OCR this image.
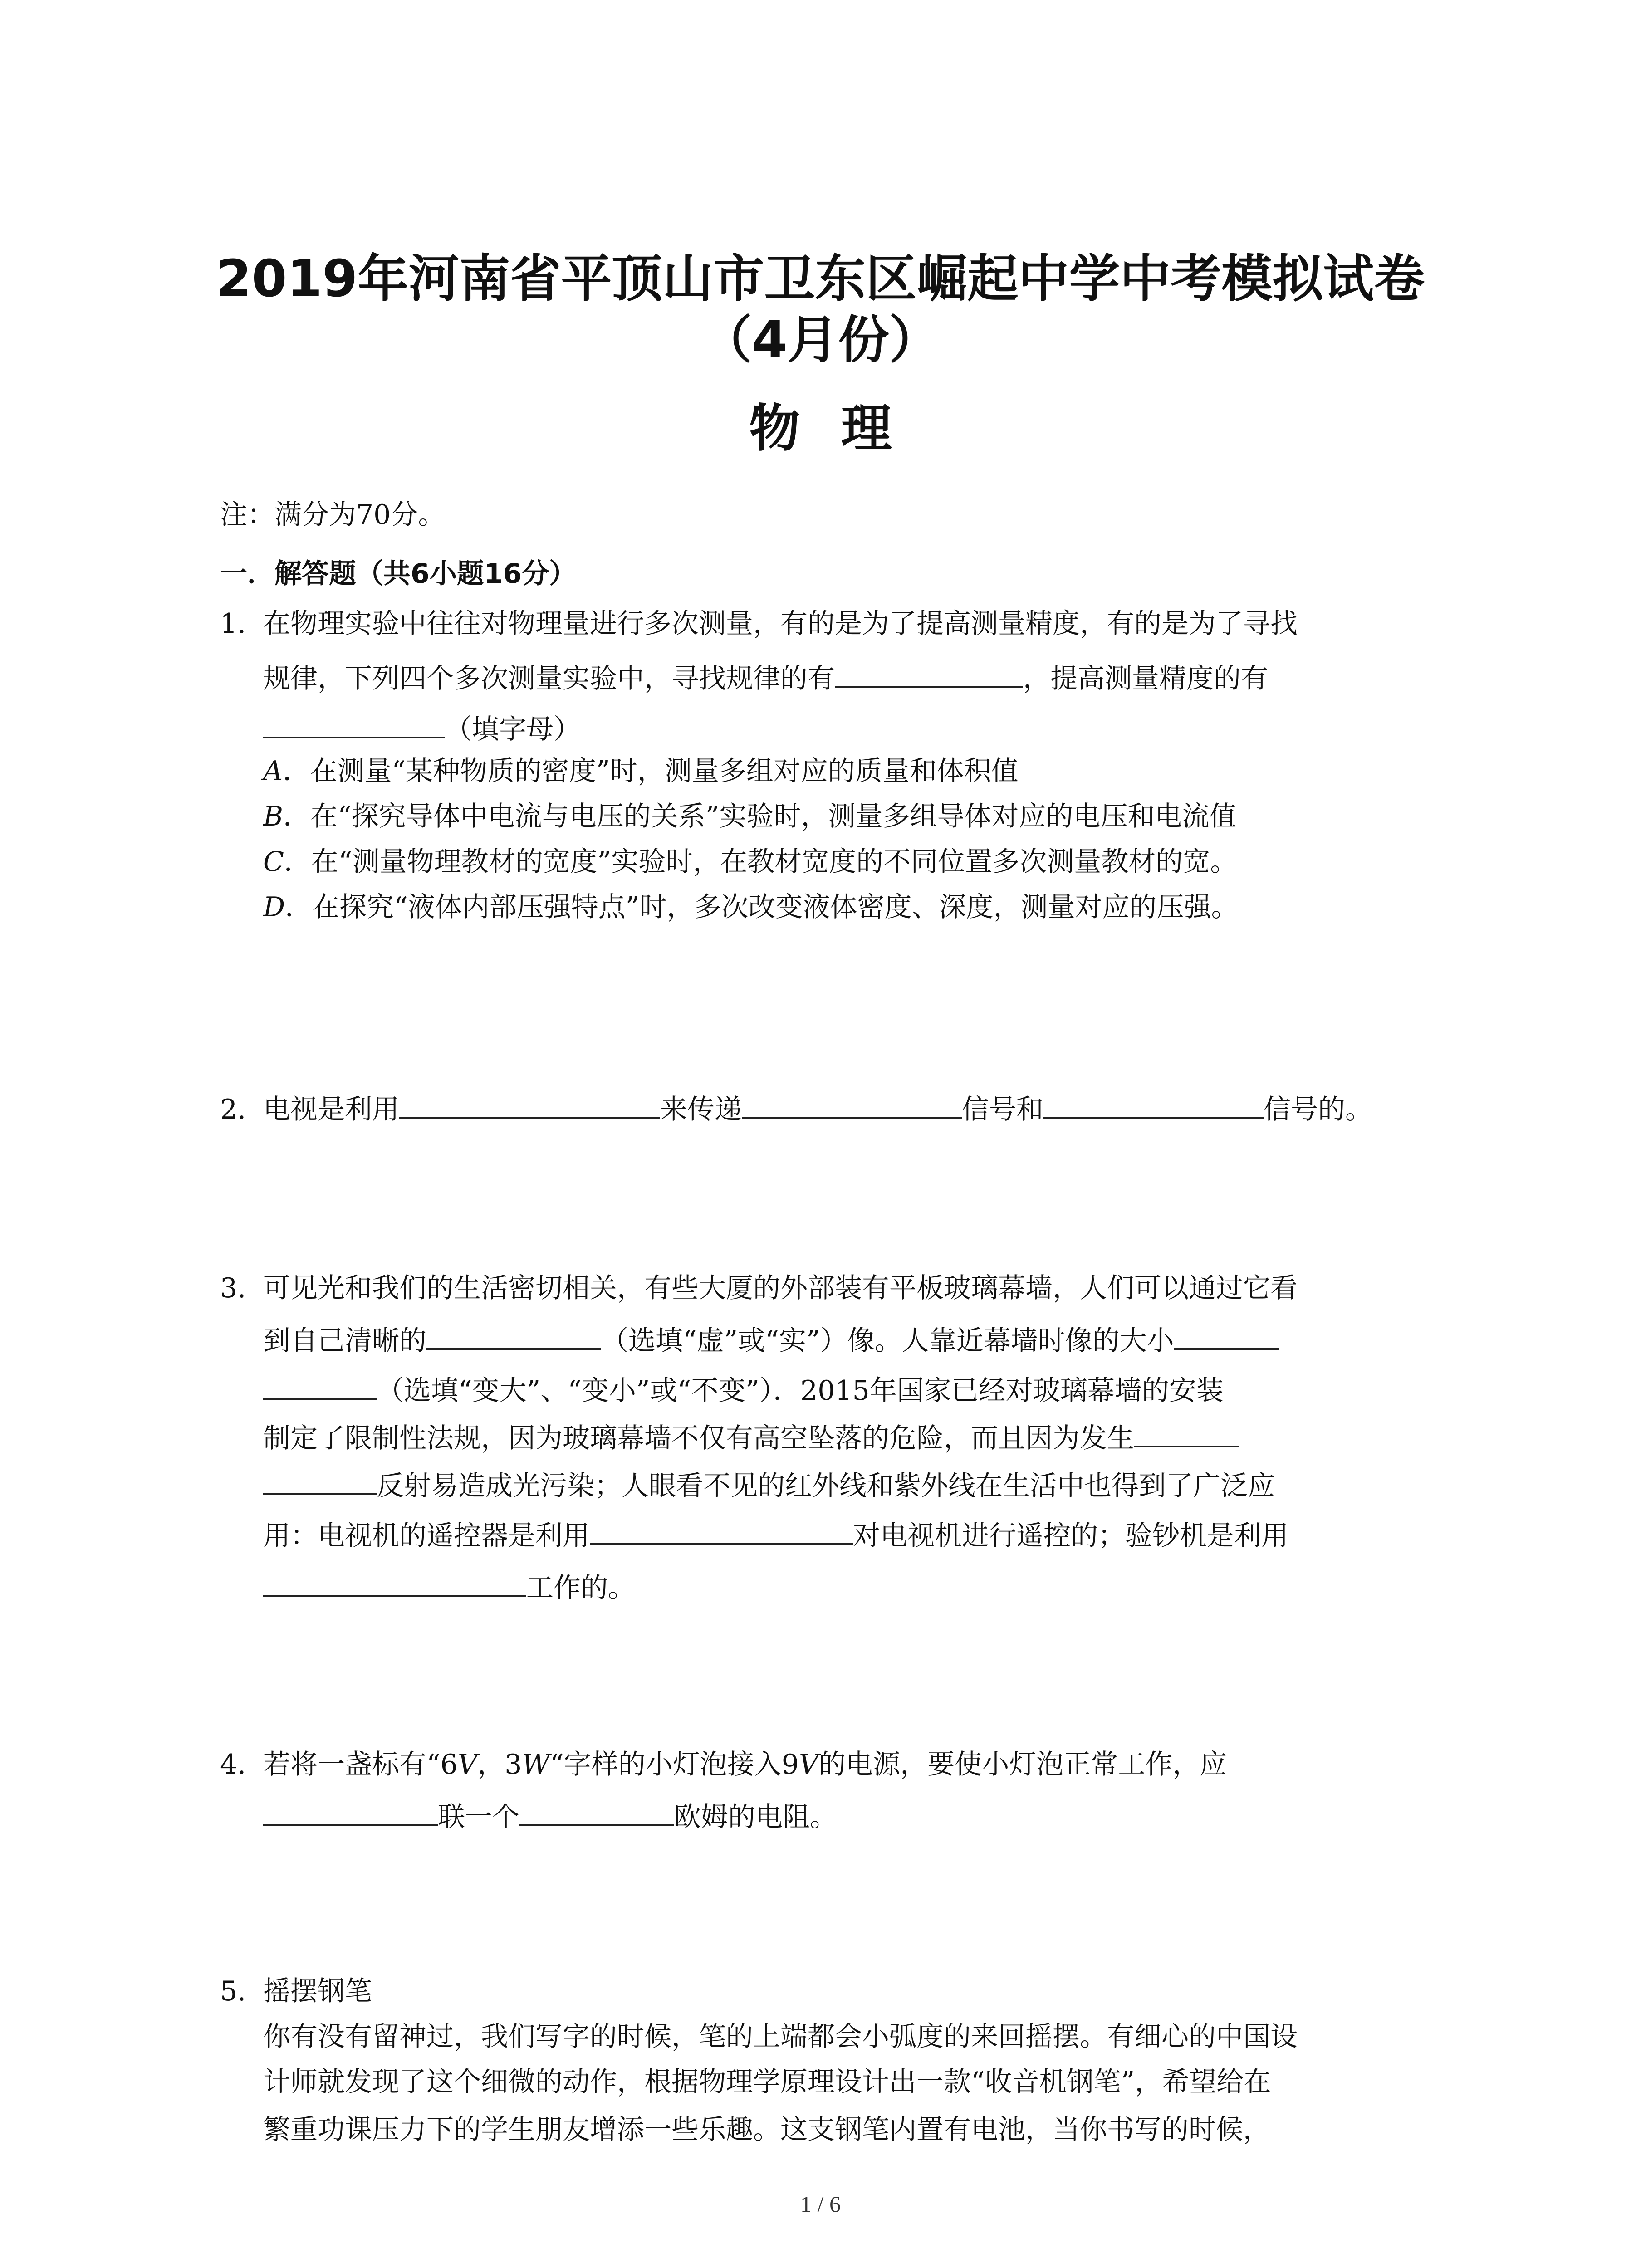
2019年河南省平顶山市卫东区崛起中学中考模拟试卷
（4月份）
物理
注：满分为70分。
一．解答题（共6小题16分）
1. 在物理实验中往往对物理量进行多次测量，有的是为了提高测量精度，有的是为了寻找
规律，下列四个多次测量实验中，寻找规律的有	，提高测量精度的有
（填字母）
A．在测量“某种物质的密度”时，测量多组对应的质量和体积值
B．在“探究导体中电流与电压的关系”实验时，测量多组导体对应的电压和电流值
C．在“测量物理教材的宽度”实验时，在教材宽度的不同位置多次测量教材的宽。
D．在探究“液体内部压强特点”时，多次改变液体密度、深度，测量对应的压强。
2. 电视是利用	来传递	信号和	信号的。
3. 可见光和我们的生活密切相关，有些大厦的外部装有平板玻璃幕墙，人们可以通过它看
到自己清晰的	（选填“虚”或“实”）像。人靠近幕墙时像的大小
（选填“变大”、“变小”或“不变”）．2015年国家已经对玻璃幕墙的安装
制定了限制性法规，因为玻璃幕墙不仅有高空坠落的危险，而且因为发生
反射易造成光污染；人眼看不见的红外线和紫外线在生活中也得到了广泛应
用：电视机的遥控器是利用	对电视机进行遥控的；验钞机是利用
工作的。
4. 若将一盏标有“6V，3W“字样的小灯泡接入9V的电源，要使小灯泡正常工作，应
联一个	欧姆的电阻。
5. 摇摆钢笔
你有没有留神过，我们写字的时候，笔的上端都会小弧度的来回摇摆。有细心的中国设
计师就发现了这个细微的动作，根据物理学原理设计出一款“收音机钢笔”，希望给在
繁重功课压力下的学生朋友增添一些乐趣。这支钢笔内置有电池，当你书写的时候，
1 / 6
